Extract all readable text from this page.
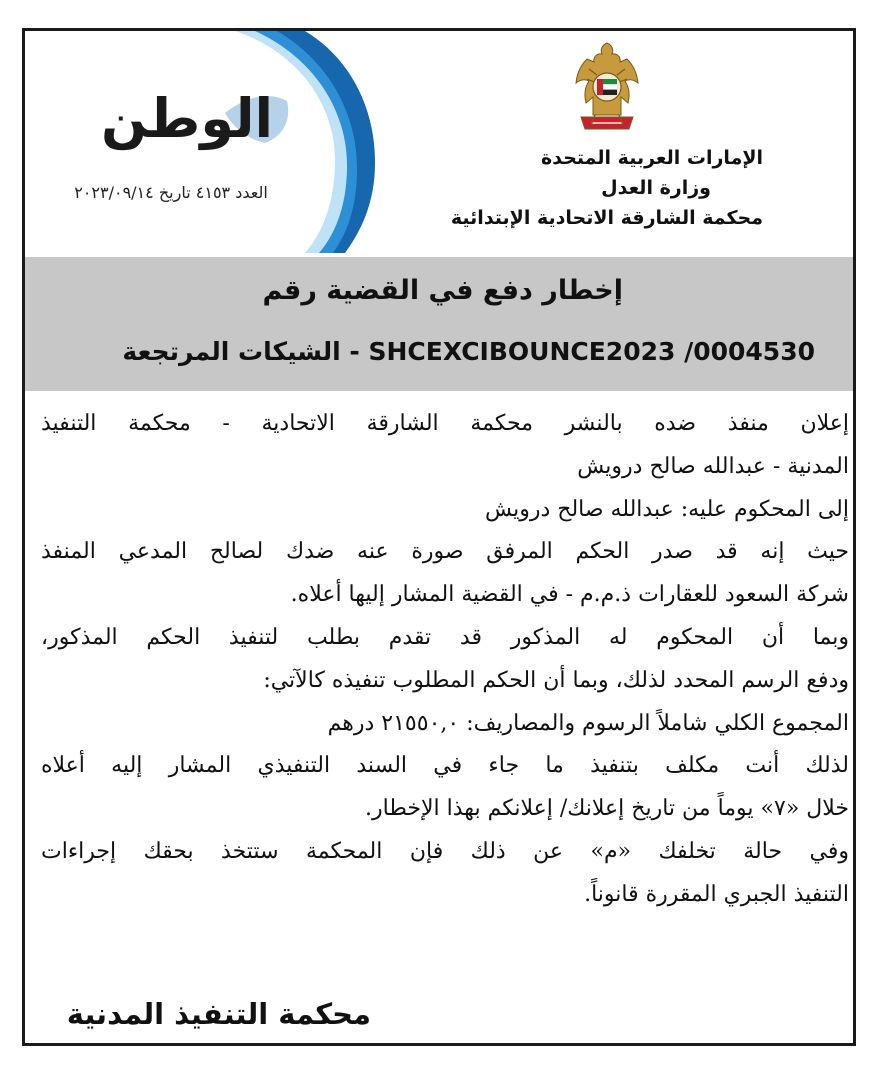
الإمارات العربية المتحدة
وزارة العدل
محكمة الشارقة الاتحادية الإبتدائية
الوطن
العدد ٤١٥٣ تاريخ ٢٠٢٣/٠٩/١٤
إخطار دفع في القضية رقم
SHCEXCIBOUNCE2023 /0004530 - الشيكات المرتجعة
إعلان منفذ ضده بالنشر محكمة الشارقة الاتحادية - محكمة التنفيذ
المدنية - عبدالله صالح درويش
إلى المحكوم عليه: عبدالله صالح درويش
حيث إنه قد صدر الحكم المرفق صورة عنه ضدك لصالح المدعي المنفذ
شركة السعود للعقارات ذ.م.م - في القضية المشار إليها أعلاه.
وبما أن المحكوم له المذكور قد تقدم بطلب لتنفيذ الحكم المذكور،
ودفع الرسم المحدد لذلك، وبما أن الحكم المطلوب تنفيذه كالآتي:
المجموع الكلي شاملاً الرسوم والمصاريف: ٢١٥٥٠,٠ درهم
لذلك أنت مكلف بتنفيذ ما جاء في السند التنفيذي المشار إليه أعلاه
خلال «٧» يوماً من تاريخ إعلانك/ إعلانكم بهذا الإخطار.
وفي حالة تخلفك «م» عن ذلك فإن المحكمة ستتخذ بحقك إجراءات
التنفيذ الجبري المقررة قانوناً.
محكمة التنفيذ المدنية
